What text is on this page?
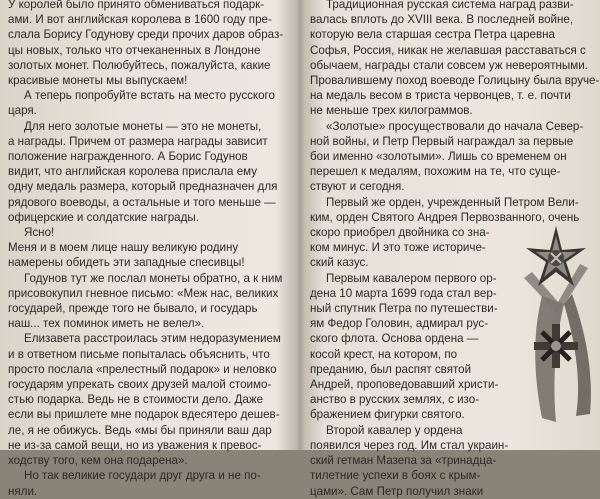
У королей было принято обмениваться подарк-
ами. И вот английская королева в 1600 году пре-
слала Борису Годунову среди прочих даров образ-
цы новых, только что отчеканенных в Лондоне
золотых монет. Полюбуйтесь, пожалуйста, какие
красивые монеты мы выпускаем!
А теперь попробуйте встать на место русского
царя.
Для него золотые монеты — это не монеты,
а награды. Причем от размера награды зависит
положение награжденного. А Борис Годунов
видит, что английская королева прислала ему
одну медаль размера, который предназначен для
рядового воеводы, а остальные и того меньше —
офицерские и солдатские награды.
Ясно!
Меня и в моем лице нашу великую родину
намерены обидеть эти западные спесивцы!
Годунов тут же послал монеты обратно, а к ним
присовокупил гневное письмо: «Меж нас, великих
государей, прежде того не бывало, и государь
наш... тех поминок иметь не велел».
Елизавета расстроилась этим недоразумением
и в ответном письме попыталась объяснить, что
просто послала «прелестный подарок» и неловко
государям упрекать своих друзей малой стоимо-
стью подарка. Ведь не в стоимости дело. Даже
если вы пришлете мне подарок вдесятеро дешев-
ле, я не обижусь. Ведь «мы бы приняли ваш дар
не из-за самой вещи, но из уважения к превос-
ходству того, кем она подарена».
Но так великие государи друг друга и не по-
няли.
Традиционная русская система наград разви-
валась вплоть до XVIII века. В последней войне,
которую вела старшая сестра Петра царевна
Софья, Россия, никак не желавшая расставаться с
обычаем, награды стали совсем уж невероятными.
Провалившему поход воеводе Голицыну была вруче-
на медаль весом в триста червонцев, т. е. почти
не меньше трех килограммов.
«Золотые» просуществовали до начала Север-
ной войны, и Петр Первый награждал за первые
бои именно «золотыми». Лишь со временем он
перешел к медалям, похожим на те, что суще-
ствуют и сегодня.
Первый же орден, учрежденный Петром Вели-
ким, орден Святого Андрея Первозванного, очень
скоро приобрел двойника со зна-
ком минус. И это тоже историче-
ский казус.
Первым кавалером первого ор-
дена 10 марта 1699 года стал вер-
ный спутник Петра по путешестви-
ям Федор Головин, адмирал рус-
ского флота. Основа ордена —
косой крест, на котором, по
преданию, был распят святой
Андрей, проповедовавший христи-
анство в русских землях, с изо-
бражением фигурки святого.
Второй кавалер у ордена
появился через год. Им стал украин-
ский гетман Мазепа за «тринадца-
тилетние успехи в боях с крым-
цами». Сам Петр получил знаки
